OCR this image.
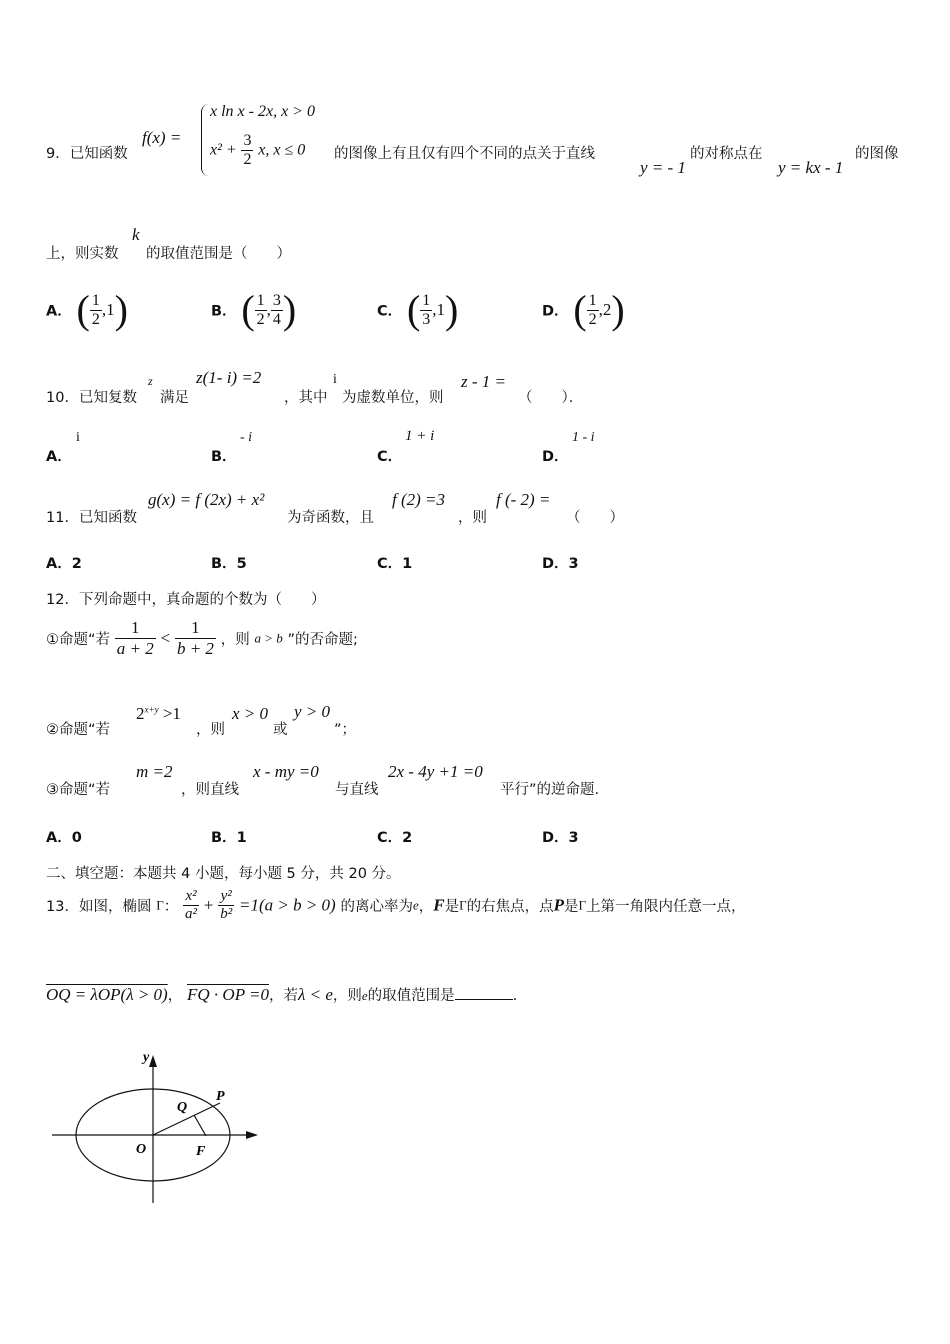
9．已知函数
f(x) =
x ln x - 2x, x > 0
$x^2 + \frac{3}{2} x$, x ≤ 0 的图像上有且仅有四个不同的点关于直线
y = - 1
的对称点在
y = kx - 1
的图像
上，则实数
k
的取值范围是（　　）
A． ( $\frac{1}{2} ,1$)	B． ( $\frac{1}{2}$ , $\frac{3}{4}$ )	C． ( $\frac{1}{3} ,1$)	D． ( $\frac{1}{2} ,2$)
10．已知复数
z
满足
z(1- i) =2
，其中
i
为虚数单位，则
z - 1 =
（　　）．
A．
i
B．
- i
C．
1 + i
D．
1 - i
11．已知函数
g(x) = f (2x) + x²
为奇函数，且
f (2) =3
，则
f (- 2) =
（　　）
A．2	B．5	C．1	D．3
12．下列命题中，真命题的个数为（　　）
①命题“若 $\frac{1}{a + 2} < \frac{1}{b + 2}$ ，则 a > b ”的否命题;
②命题“若
$2^{x+y} >1$
，则
x > 0
或
y > 0
”；
③命题“若
m =2
，则直线
x - my =0
与直线
2x - 4y +1 =0
平行”的逆命题.
A．0	B．1	C．2	D．3
二、填空题：本题共 4 小题，每小题 5 分，共 20 分。
13．如图，椭圆 Γ： $\frac{\text{x²}}{\text{a²}} + \frac{\text{y²}}{\text{b²}} =1(a > b > 0)$ 的离心率为e，F是Γ的右焦点，点P是Γ上第一角限内任意一点，
OQ = λOP(λ > 0)， FQ · OP =0，若λ < e，则e的取值范围是	.
y
P
Q
O	F
